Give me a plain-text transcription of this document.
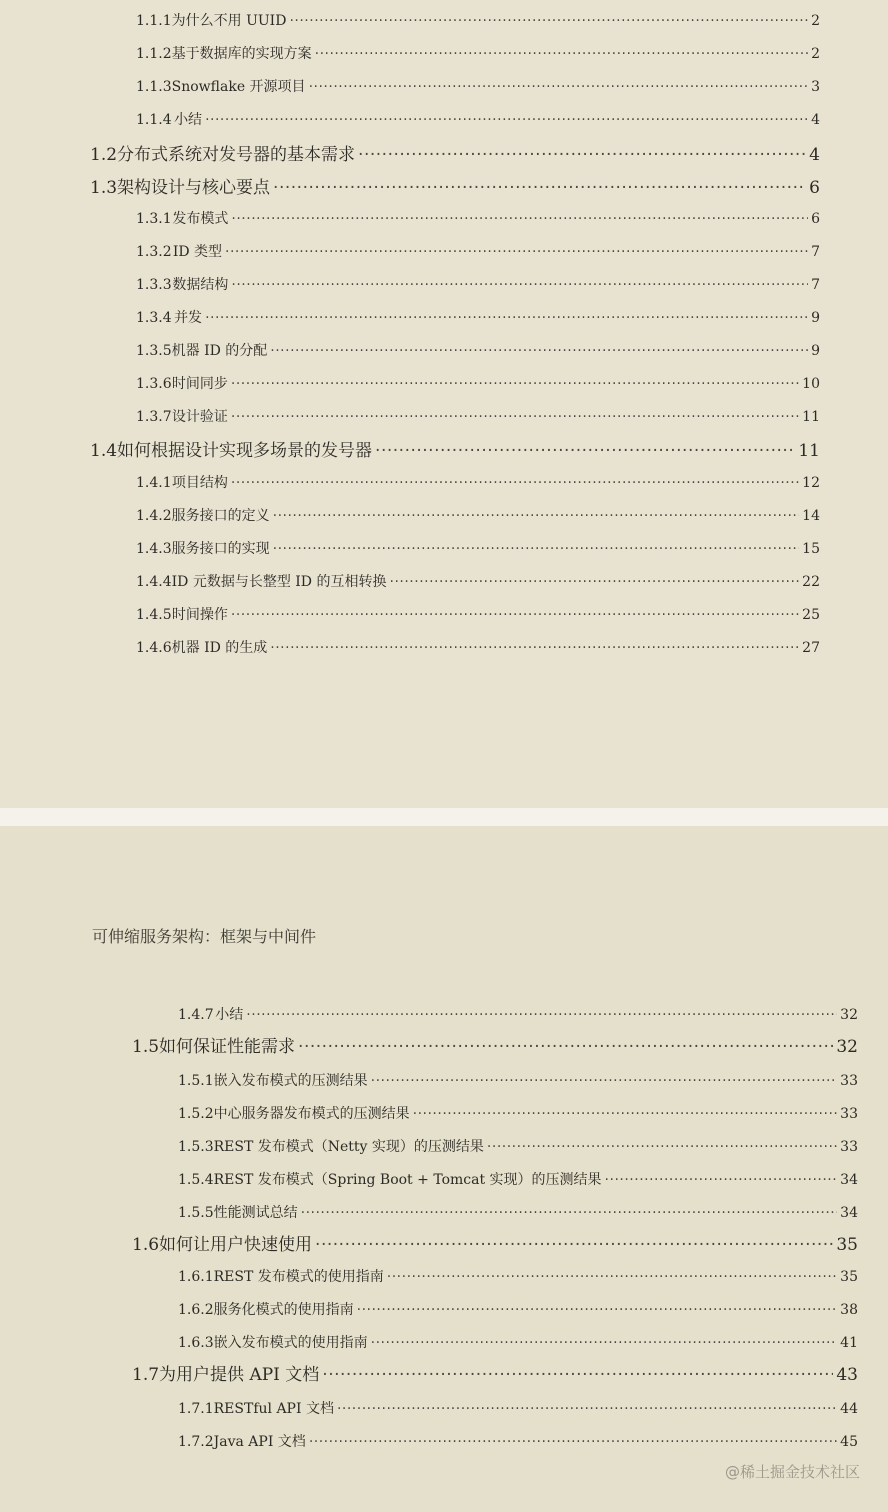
1.1.1 为什么不用 UUID ·····	2
1.1.2 基于数据库的实现方案 ·····	2
1.1.3 Snowflake 开源项目 ·····	3
1.1.4 小结 ·····	4
1.2 分布式系统对发号器的基本需求 ·····	4
1.3 架构设计与核心要点 ·····	6
1.3.1 发布模式 ·····	6
1.3.2 ID 类型 ·····	7
1.3.3 数据结构 ·····	7
1.3.4 并发 ·····	9
1.3.5 机器 ID 的分配 ·····	9
1.3.6 时间同步 ·····	10
1.3.7 设计验证 ·····	11
1.4 如何根据设计实现多场景的发号器 ·····	11
1.4.1 项目结构 ·····	12
1.4.2 服务接口的定义 ·····	14
1.4.3 服务接口的实现 ·····	15
1.4.4 ID 元数据与长整型 ID 的互相转换 ·····	22
1.4.5 时间操作 ·····	25
1.4.6 机器 ID 的生成 ·····	27
可伸缩服务架构：框架与中间件
1.4.7 小结 ·····	32
1.5 如何保证性能需求 ·····	32
1.5.1 嵌入发布模式的压测结果 ·····	33
1.5.2 中心服务器发布模式的压测结果 ·····	33
1.5.3 REST 发布模式（Netty 实现）的压测结果 ·····	33
1.5.4 REST 发布模式（Spring Boot + Tomcat 实现）的压测结果 ·····	34
1.5.5 性能测试总结 ·····	34
1.6 如何让用户快速使用 ·····	35
1.6.1 REST 发布模式的使用指南 ·····	35
1.6.2 服务化模式的使用指南 ·····	38
1.6.3 嵌入发布模式的使用指南 ·····	41
1.7 为用户提供 API 文档 ·····	43
1.7.1 RESTful API 文档 ·····	44
1.7.2 Java API 文档 ·····	45
@稀土掘金技术社区
